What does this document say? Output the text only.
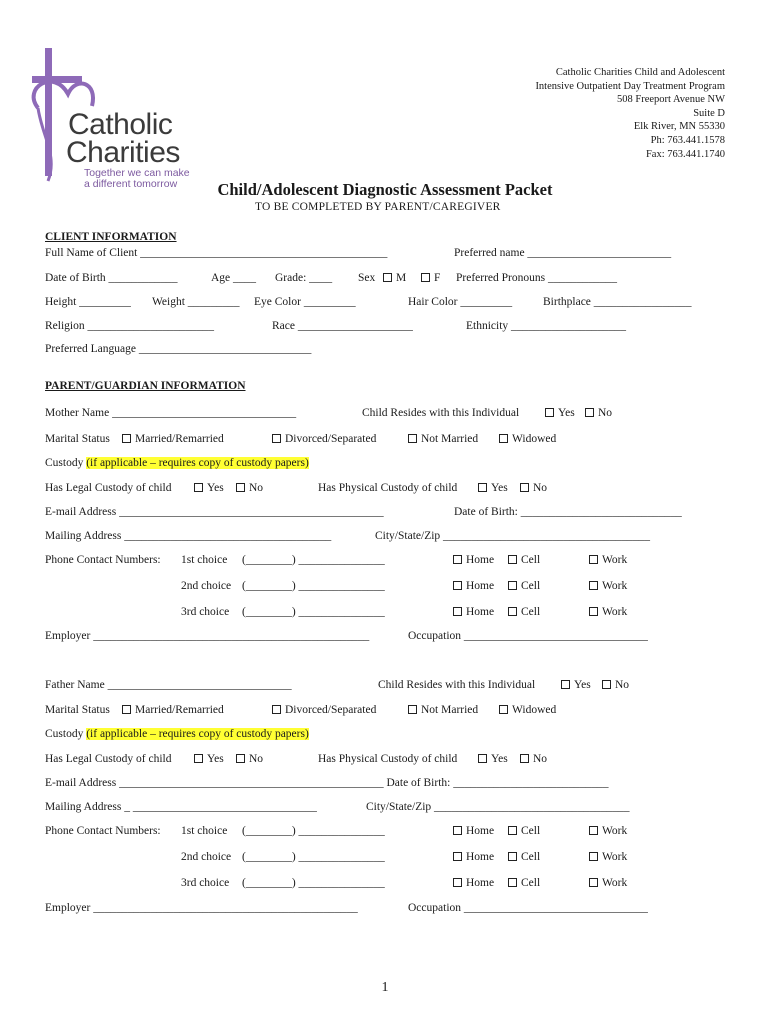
Catholic
Charities
Together we can make
a different tomorrow
Catholic Charities Child and Adolescent
Intensive Outpatient Day Treatment Program
508 Freeport Avenue NW
Suite D
Elk River, MN 55330
Ph: 763.441.1578
Fax: 763.441.1740
Child/Adolescent Diagnostic Assessment Packet
TO BE COMPLETED BY PARENT/CAREGIVER
CLIENT INFORMATION
Full Name of Client ___________________________________________	Preferred name _________________________
Date of Birth ____________	Age ____ Grade: ____ Sex	M	F Preferred Pronouns ____________
Height _________ Weight _________ Eye Color _________	Hair Color _________	Birthplace _________________
Religion ______________________	Race ____________________	Ethnicity ____________________
Preferred Language ______________________________
PARENT/GUARDIAN INFORMATION
Mother Name ________________________________	Child Resides with this Individual	Yes	No
Marital Status	Married/Remarried	Divorced/Separated	Not Married	Widowed
Custody (if applicable – requires copy of custody papers)
Has Legal Custody of child	Yes	No	Has Physical Custody of child	Yes	No
E-mail Address ______________________________________________	Date of Birth: ____________________________
Mailing Address ____________________________________	City/State/Zip ____________________________________
Phone Contact Numbers: 1st choice (________) _______________	Home	Cell	Work
2nd choice (________) _______________	Home	Cell	Work
3rd choice (________) _______________	Home	Cell	Work
Employer ________________________________________________	Occupation ________________________________
Father Name ________________________________	Child Resides with this Individual	Yes	No
Marital Status	Married/Remarried	Divorced/Separated	Not Married	Widowed
Custody (if applicable – requires copy of custody papers)
Has Legal Custody of child	Yes	No	Has Physical Custody of child	Yes	No
E-mail Address ______________________________________________ Date of Birth: ___________________________
Mailing Address _ ________________________________	City/State/Zip __________________________________
Phone Contact Numbers: 1st choice (________) _______________	Home	Cell	Work
2nd choice (________) _______________	Home	Cell	Work
3rd choice (________) _______________	Home	Cell	Work
Employer ______________________________________________	Occupation ________________________________
1
